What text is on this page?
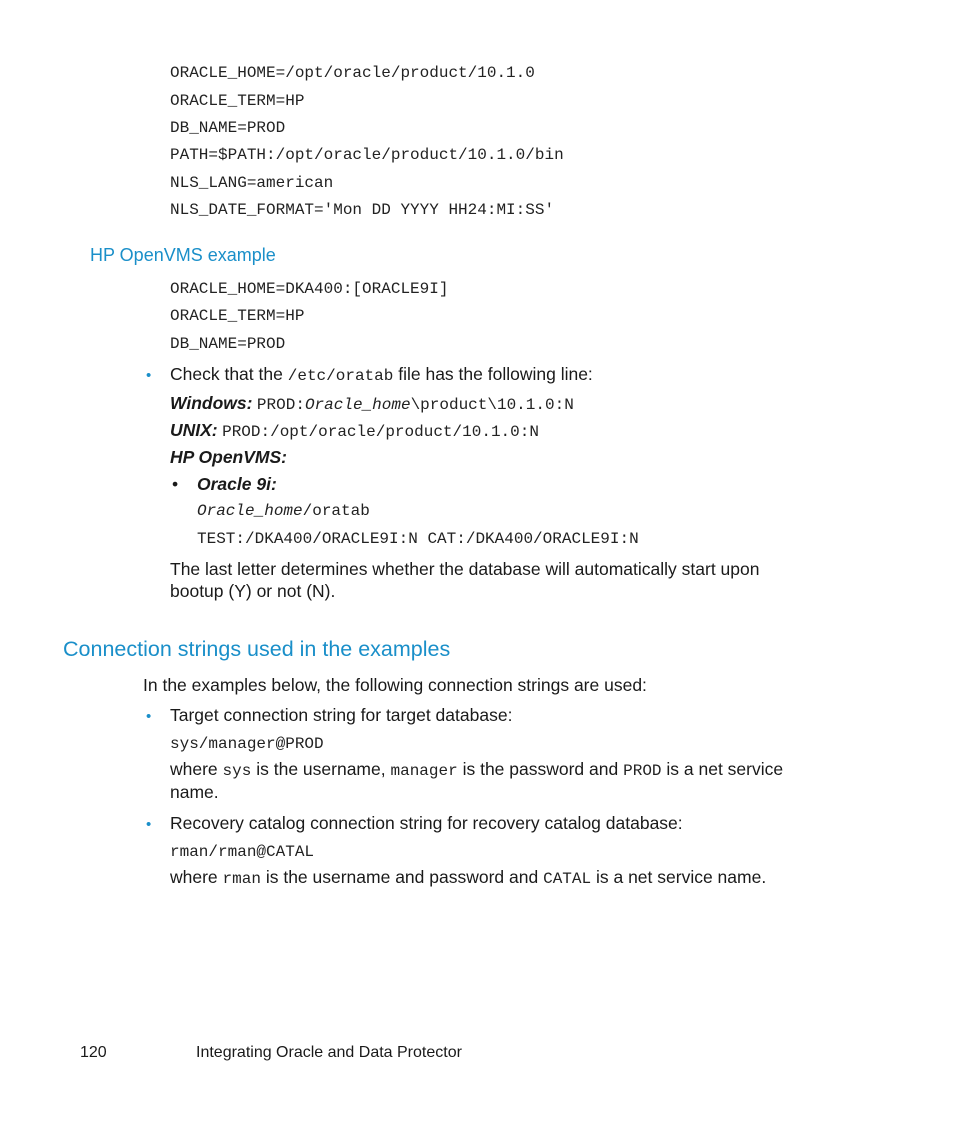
ORACLE_HOME=/opt/oracle/product/10.1.0
ORACLE_TERM=HP
DB_NAME=PROD
PATH=$PATH:/opt/oracle/product/10.1.0/bin
NLS_LANG=american
NLS_DATE_FORMAT='Mon DD YYYY HH24:MI:SS'
HP OpenVMS example
ORACLE_HOME=DKA400:[ORACLE9I]
ORACLE_TERM=HP
DB_NAME=PROD
• Check that the /etc/oratab file has the following line:
Windows: PROD:Oracle_home\product\10.1.0:N
UNIX: PROD:/opt/oracle/product/10.1.0:N
HP OpenVMS:
• Oracle 9i:
Oracle_home/oratab
TEST:/DKA400/ORACLE9I:N CAT:/DKA400/ORACLE9I:N
The last letter determines whether the database will automatically start upon
bootup (Y) or not (N).
Connection strings used in the examples
In the examples below, the following connection strings are used:
• Target connection string for target database:
sys/manager@PROD
where sys is the username, manager is the password and PROD is a net service
name.
• Recovery catalog connection string for recovery catalog database:
rman/rman@CATAL
where rman is the username and password and CATAL is a net service name.
120	Integrating Oracle and Data Protector
